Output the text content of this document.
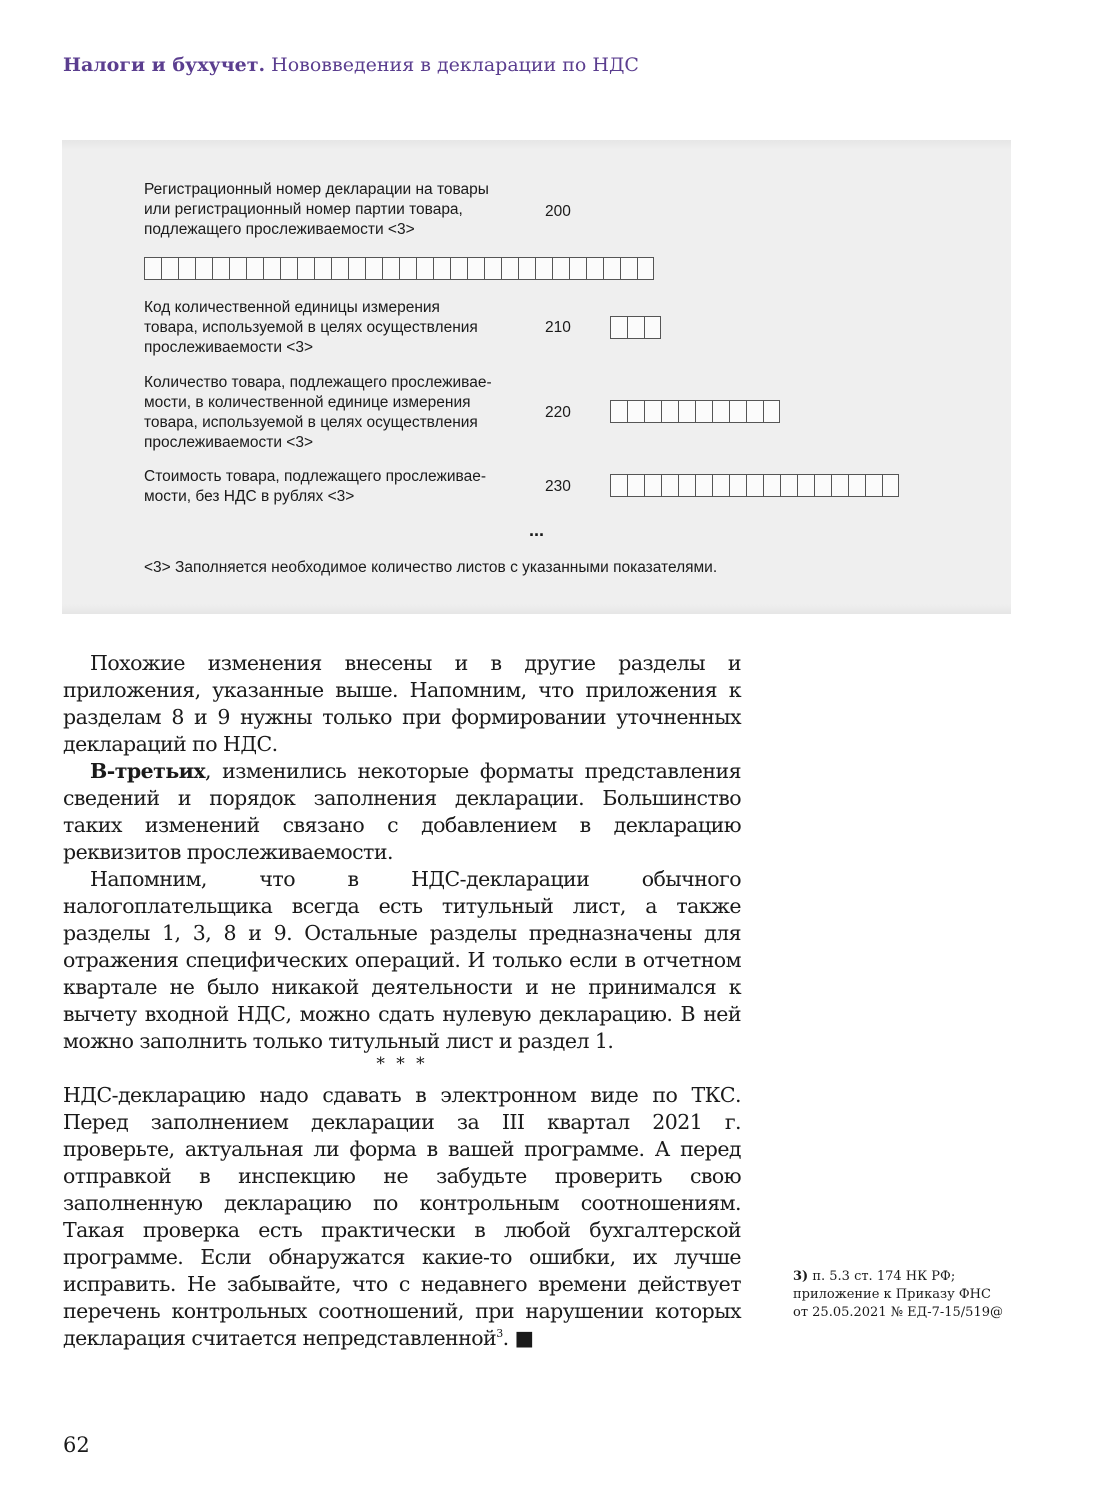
Налоги и бухучет. Нововведения в декларации по НДС
Регистрационный номер декларации на товары
или регистрационный номер партии товара,
подлежащего прослеживаемости <3>
200
Код количественной единицы измерения
товара, используемой в целях осуществления
прослеживаемости <3>
210
Количество товара, подлежащего прослеживае-
мости, в количественной единице измерения
товара, используемой в целях осуществления
прослеживаемости <3>
220
Стоимость товара, подлежащего прослеживае-
мости, без НДС в рублях <3>
230
...
<3> Заполняется необходимое количество листов с указанными показателями.

Похожие изменения внесены и в другие разделы и приложения, указанные выше. Напомним, что приложения к разделам 8 и 9 нужны только при формировании уточненных деклараций по НДС.

В-третьих, изменились некоторые форматы представления сведений и порядок заполнения декларации. Большинство таких изменений связано с добавлением в декларацию реквизитов прослеживаемости.

Напомним, что в НДС-декларации обычного налогоплательщика всегда есть титульный лист, а также разделы 1, 3, 8 и 9. Остальные разделы предназначены для отражения специфических операций. И только если в отчетном квартале не было никакой деятельности и не принимался к вычету входной НДС, можно сдать нулевую декларацию. В ней можно заполнить только титульный лист и раздел 1.

* * *

НДС-декларацию надо сдавать в электронном виде по ТКС. Перед заполнением декларации за III квартал 2021 г. проверьте, актуальная ли форма в вашей программе. А перед отправкой в инспекцию не забудьте проверить свою заполненную декларацию по контрольным соотношениям. Такая проверка есть практически в любой бухгалтерской программе. Если обнаружатся какие-то ошибки, их лучше исправить. Не забывайте, что с недавнего времени действует перечень контрольных соотношений, при нарушении которых декларация считается непредставленной$^3$. ■

3) п. 5.3 ст. 174 НК РФ;
приложение к Приказу ФНС
от 25.05.2021 № ЕД-7-15/519@
62
